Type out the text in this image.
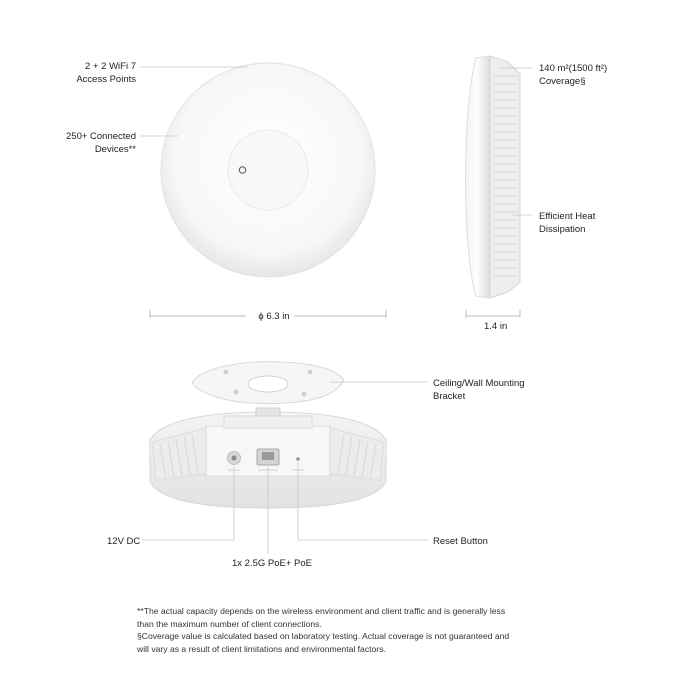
2 + 2 WiFi 7
Access Points
250+ Connected
Devices**
ϕ 6.3 in
140 m²(1500 ft²)
Coverage§
Efficient Heat
Dissipation
1.4 in
Ceiling/Wall Mounting
Bracket
12V DC
1x 2.5G PoE+ PoE
Reset Button
**The actual capacity depends on the wireless environment and client traffic and is generally less
than the maximum number of client connections.
§Coverage value is calculated based on laboratory testing. Actual coverage is not guaranteed and
will vary as a result of client limitations and environmental factors.
